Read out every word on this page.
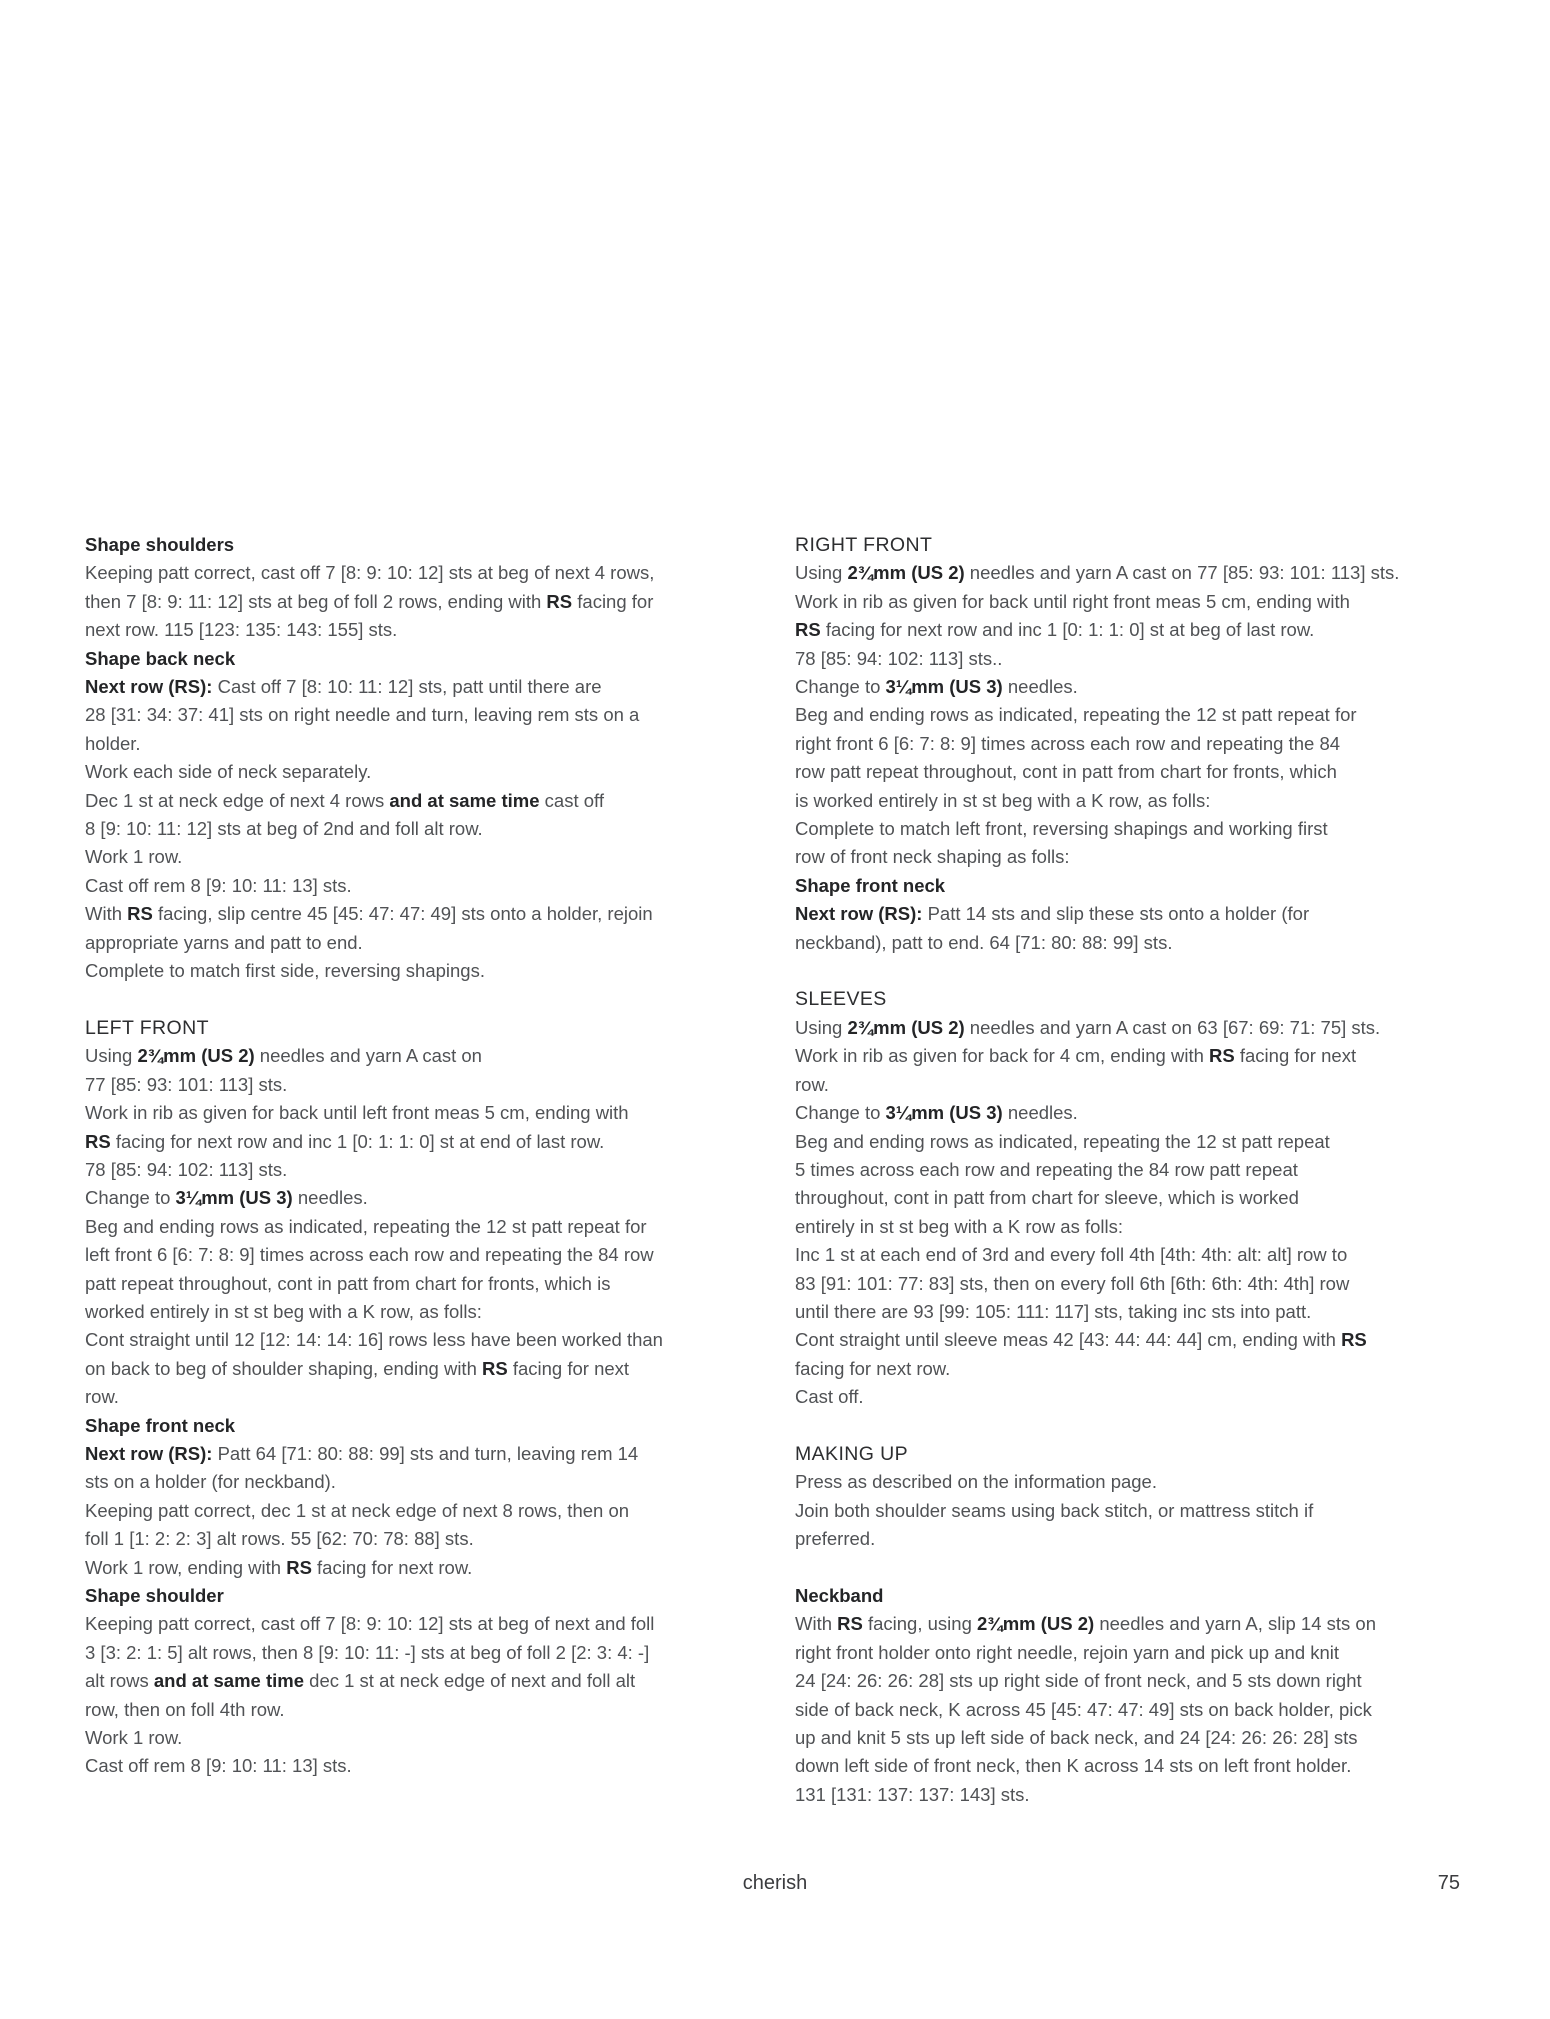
Shape shoulders

Keeping patt correct, cast off 7 [8: 9: 10: 12] sts at beg of next 4 rows,
then 7 [8: 9: 11: 12] sts at beg of foll 2 rows, ending with RS facing for
next row. 115 [123: 135: 143: 155] sts.

Shape back neck

Next row (RS): Cast off 7 [8: 10: 11: 12] sts, patt until there are
28 [31: 34: 37: 41] sts on right needle and turn, leaving rem sts on a
holder.

Work each side of neck separately.

Dec 1 st at neck edge of next 4 rows and at same time cast off
8 [9: 10: 11: 12] sts at beg of 2nd and foll alt row.

Work 1 row.

Cast off rem 8 [9: 10: 11: 13] sts.

With RS facing, slip centre 45 [45: 47: 47: 49] sts onto a holder, rejoin
appropriate yarns and patt to end.

Complete to match first side, reversing shapings.

LEFT FRONT

Using 2¾mm (US 2) needles and yarn A cast on
77 [85: 93: 101: 113] sts.

Work in rib as given for back until left front meas 5 cm, ending with
RS facing for next row and inc 1 [0: 1: 1: 0] st at end of last row.
78 [85: 94: 102: 113] sts.

Change to 3¼mm (US 3) needles.

Beg and ending rows as indicated, repeating the 12 st patt repeat for
left front 6 [6: 7: 8: 9] times across each row and repeating the 84 row
patt repeat throughout, cont in patt from chart for fronts, which is
worked entirely in st st beg with a K row, as folls:

Cont straight until 12 [12: 14: 14: 16] rows less have been worked than
on back to beg of shoulder shaping, ending with RS facing for next
row.

Shape front neck

Next row (RS): Patt 64 [71: 80: 88: 99] sts and turn, leaving rem 14
sts on a holder (for neckband).

Keeping patt correct, dec 1 st at neck edge of next 8 rows, then on
foll 1 [1: 2: 2: 3] alt rows. 55 [62: 70: 78: 88] sts.

Work 1 row, ending with RS facing for next row.

Shape shoulder

Keeping patt correct, cast off 7 [8: 9: 10: 12] sts at beg of next and foll
3 [3: 2: 1: 5] alt rows, then 8 [9: 10: 11: -] sts at beg of foll 2 [2: 3: 4: -]
alt rows and at same time dec 1 st at neck edge of next and foll alt
row, then on foll 4th row.

Work 1 row.

Cast off rem 8 [9: 10: 11: 13] sts.

RIGHT FRONT

Using 2¾mm (US 2) needles and yarn A cast on 77 [85: 93: 101: 113] sts.
Work in rib as given for back until right front meas 5 cm, ending with
RS facing for next row and inc 1 [0: 1: 1: 0] st at beg of last row.
78 [85: 94: 102: 113] sts..

Change to 3¼mm (US 3) needles.

Beg and ending rows as indicated, repeating the 12 st patt repeat for
right front 6 [6: 7: 8: 9] times across each row and repeating the 84
row patt repeat throughout, cont in patt from chart for fronts, which
is worked entirely in st st beg with a K row, as folls:

Complete to match left front, reversing shapings and working first
row of front neck shaping as folls:

Shape front neck

Next row (RS): Patt 14 sts and slip these sts onto a holder (for
neckband), patt to end. 64 [71: 80: 88: 99] sts.

SLEEVES

Using 2¾mm (US 2) needles and yarn A cast on 63 [67: 69: 71: 75] sts.
Work in rib as given for back for 4 cm, ending with RS facing for next
row.

Change to 3¼mm (US 3) needles.

Beg and ending rows as indicated, repeating the 12 st patt repeat
5 times across each row and repeating the 84 row patt repeat
throughout, cont in patt from chart for sleeve, which is worked
entirely in st st beg with a K row as folls:

Inc 1 st at each end of 3rd and every foll 4th [4th: 4th: alt: alt] row to
83 [91: 101: 77: 83] sts, then on every foll 6th [6th: 6th: 4th: 4th] row
until there are 93 [99: 105: 111: 117] sts, taking inc sts into patt.

Cont straight until sleeve meas 42 [43: 44: 44: 44] cm, ending with RS
facing for next row.

Cast off.

MAKING UP

Press as described on the information page.

Join both shoulder seams using back stitch, or mattress stitch if
preferred.

Neckband

With RS facing, using 2¾mm (US 2) needles and yarn A, slip 14 sts on
right front holder onto right needle, rejoin yarn and pick up and knit
24 [24: 26: 26: 28] sts up right side of front neck, and 5 sts down right
side of back neck, K across 45 [45: 47: 47: 49] sts on back holder, pick
up and knit 5 sts up left side of back neck, and 24 [24: 26: 26: 28] sts
down left side of front neck, then K across 14 sts on left front holder.
131 [131: 137: 137: 143] sts.

cherish	75
